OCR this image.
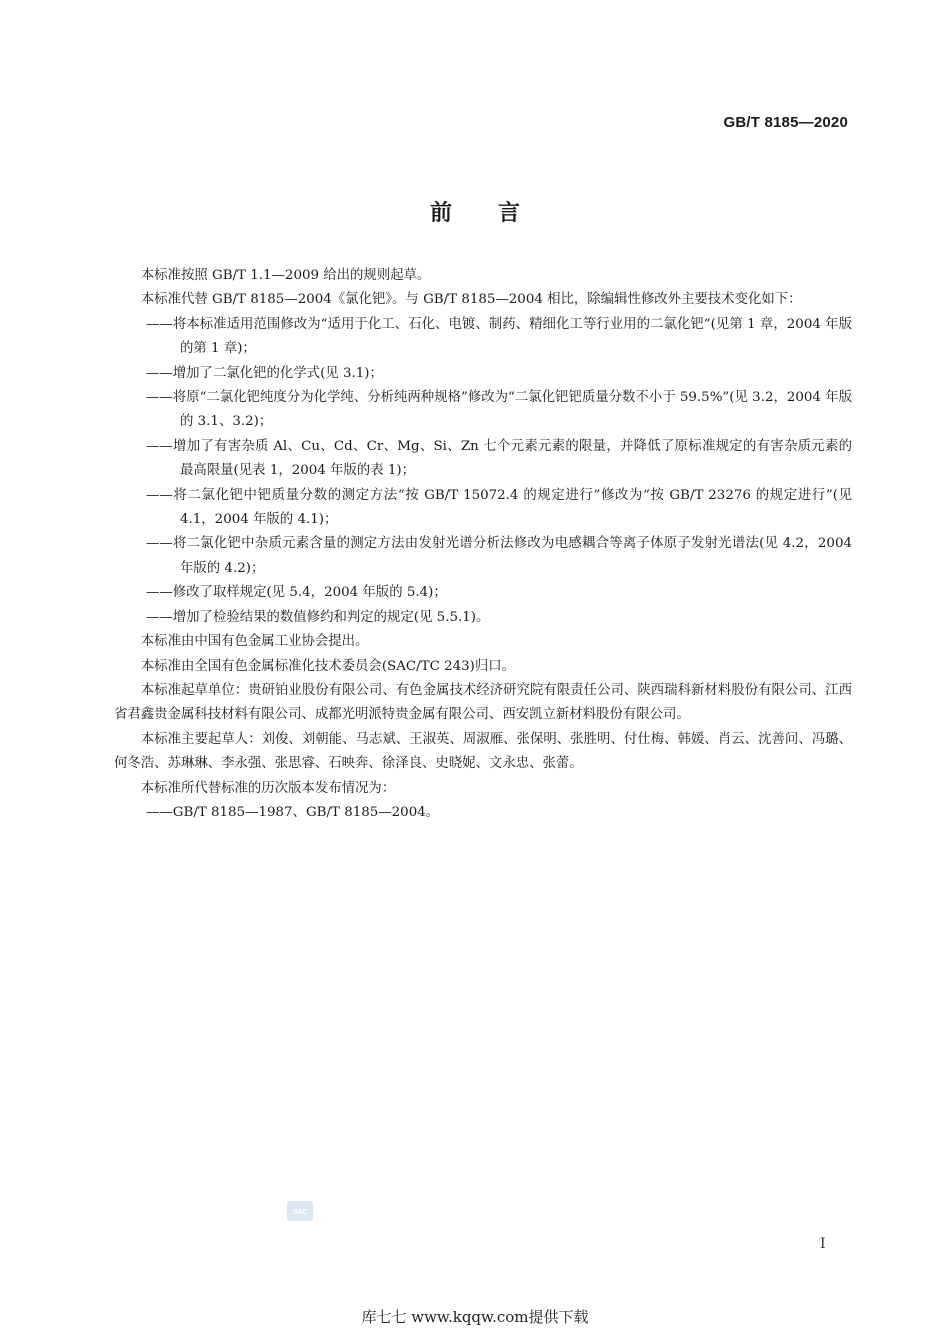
GB/T 8185—2020
前言

本标准按照 GB/T 1.1—2009 给出的规则起草。

本标准代替 GB/T 8185—2004《氯化钯》。与 GB/T 8185—2004 相比，除编辑性修改外主要技术变化如下：

——将本标准适用范围修改为“适用于化工、石化、电镀、制药、精细化工等行业用的二氯化钯”(见第 1 章，2004 年版的第 1 章)；

——增加了二氯化钯的化学式(见 3.1)；

——将原“二氯化钯纯度分为化学纯、分析纯两种规格”修改为“二氯化钯钯质量分数不小于 59.5%”(见 3.2，2004 年版的 3.1、3.2)；

——增加了有害杂质 Al、Cu、Cd、Cr、Mg、Si、Zn 七个元素元素的限量，并降低了原标准规定的有害杂质元素的最高限量(见表 1，2004 年版的表 1)；

——将二氯化钯中钯质量分数的测定方法“按 GB/T 15072.4 的规定进行”修改为“按 GB/T 23276 的规定进行”(见 4.1，2004 年版的 4.1)；

——将二氯化钯中杂质元素含量的测定方法由发射光谱分析法修改为电感耦合等离子体原子发射光谱法(见 4.2，2004 年版的 4.2)；

——修改了取样规定(见 5.4，2004 年版的 5.4)；

——增加了检验结果的数值修约和判定的规定(见 5.5.1)。

本标准由中国有色金属工业协会提出。

本标准由全国有色金属标准化技术委员会(SAC/TC 243)归口。

本标准起草单位：贵研铂业股份有限公司、有色金属技术经济研究院有限责任公司、陕西瑞科新材料股份有限公司、江西省君鑫贵金属科技材料有限公司、成都光明派特贵金属有限公司、西安凯立新材料股份有限公司。

本标准主要起草人：刘俊、刘朝能、马志斌、王淑英、周淑雁、张保明、张胜明、付仕梅、韩媛、肖云、沈善问、冯璐、何冬浩、苏琳琳、李永强、张思睿、石映奔、徐泽良、史晓妮、文永忠、张蕾。

本标准所代替标准的历次版本发布情况为：

——GB/T 8185—1987、GB/T 8185—2004。

SAC
I
库七七 www.kqqw.com提供下载
